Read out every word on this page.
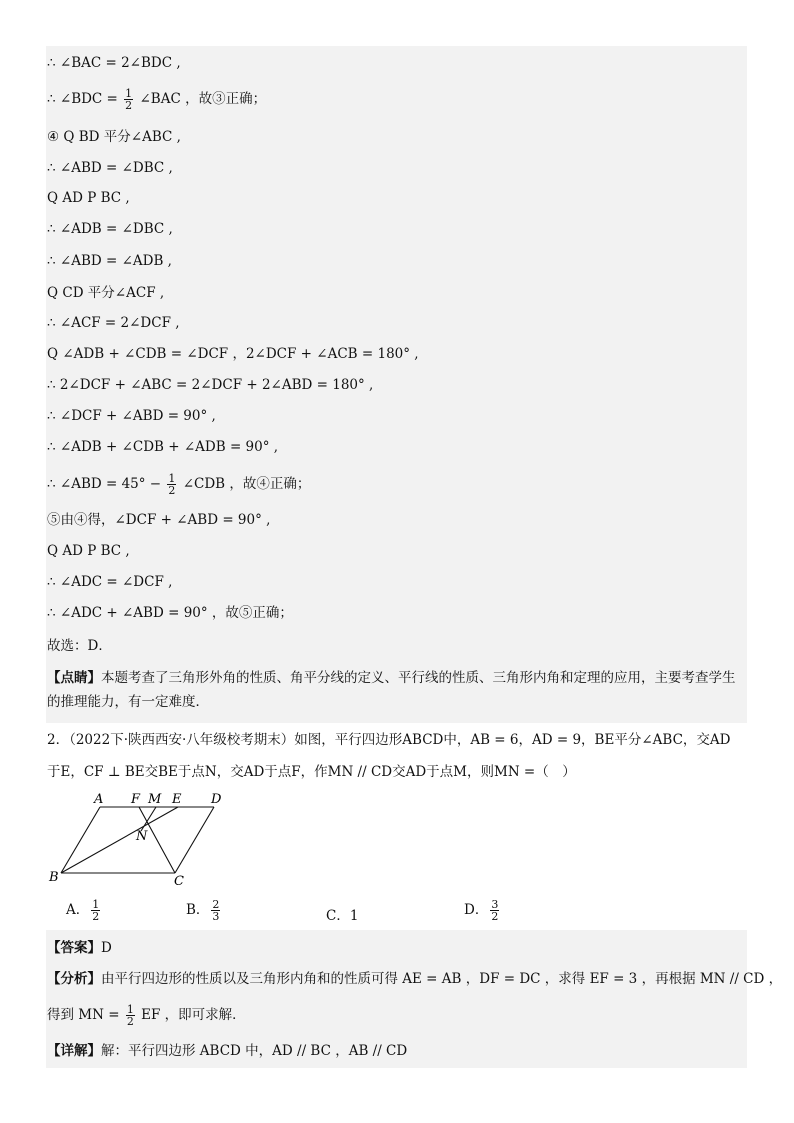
∴ ∠BAC = 2∠BDC ,
∴ ∠BDC = $\frac{1}{2}$ ∠BAC ，故③正确；
④ Q BD 平分∠ABC ,
∴ ∠ABD = ∠DBC ,
Q AD P BC ,
∴ ∠ADB = ∠DBC ,
∴ ∠ABD = ∠ADB ,
Q CD 平分∠ACF ,
∴ ∠ACF = 2∠DCF ,
Q ∠ADB + ∠CDB = ∠DCF ，2∠DCF + ∠ACB = 180° ,
∴ 2∠DCF + ∠ABC = 2∠DCF + 2∠ABD = 180° ,
∴ ∠DCF + ∠ABD = 90° ,
∴ ∠ADB + ∠CDB + ∠ADB = 90° ,
∴ ∠ABD = $45^\circ - \frac{1}{2}$ ∠CDB ，故④正确；
⑤由④得，∠DCF + ∠ABD = 90° ,
Q AD P BC ,
∴ ∠ADC = ∠DCF ,
∴ ∠ADC + ∠ABD = 90° ，故⑤正确；
故选：D．
【点睛】本题考查了三角形外角的性质、角平分线的定义、平行线的性质、三角形内角和定理的应用，主要考查学生的推理能力，有一定难度．
2．（2022下·陕西西安·八年级校考期末）如图，平行四边形ABCD中，AB = 6，AD = 9，BE平分∠ABC，交AD
于E，CF ⊥ BE交BE于点N，交AD于点F，作MN // CD交AD于点M，则MN =（　）
A F M E D
N
B	C
A． $\frac{1}{2}$	B． $\frac{2}{3}$	C．1	D． $\frac{3}{2}$
【答案】D
【分析】由平行四边形的性质以及三角形内角和的性质可得 AE = AB ，DF = DC ，求得 EF = 3 ，再根据 MN // CD ，
得到 MN = $\frac{1}{2}$ EF ，即可求解．
【详解】解：平行四边形 ABCD 中，AD // BC ，AB // CD
